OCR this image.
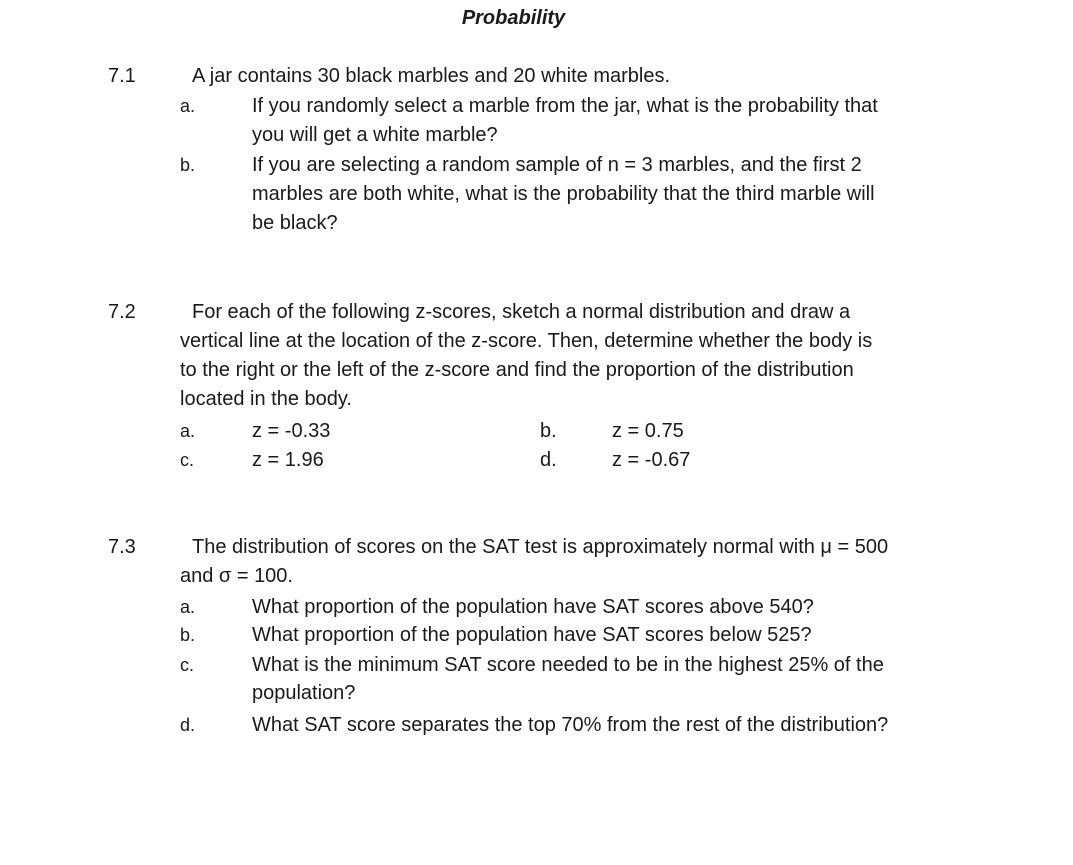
Probability
7.1	A jar contains 30 black marbles and 20 white marbles.
a.	If you randomly select a marble from the jar, what is the probability that
you will get a white marble?
b.	If you are selecting a random sample of n = 3 marbles, and the first 2
marbles are both white, what is the probability that the third marble will
be black?
7.2	For each of the following z-scores, sketch a normal distribution and draw a
vertical line at the location of the z-score. Then, determine whether the body is
to the right or the left of the z-score and find the proportion of the distribution
located in the body.
a.	z = -0.33	b.	z = 0.75
c.	z = 1.96	d.	z = -0.67
7.3	The distribution of scores on the SAT test is approximately normal with μ = 500
and σ = 100.
a.	What proportion of the population have SAT scores above 540?
b.	What proportion of the population have SAT scores below 525?
c.	What is the minimum SAT score needed to be in the highest 25% of the
population?
d.	What SAT score separates the top 70% from the rest of the distribution?
